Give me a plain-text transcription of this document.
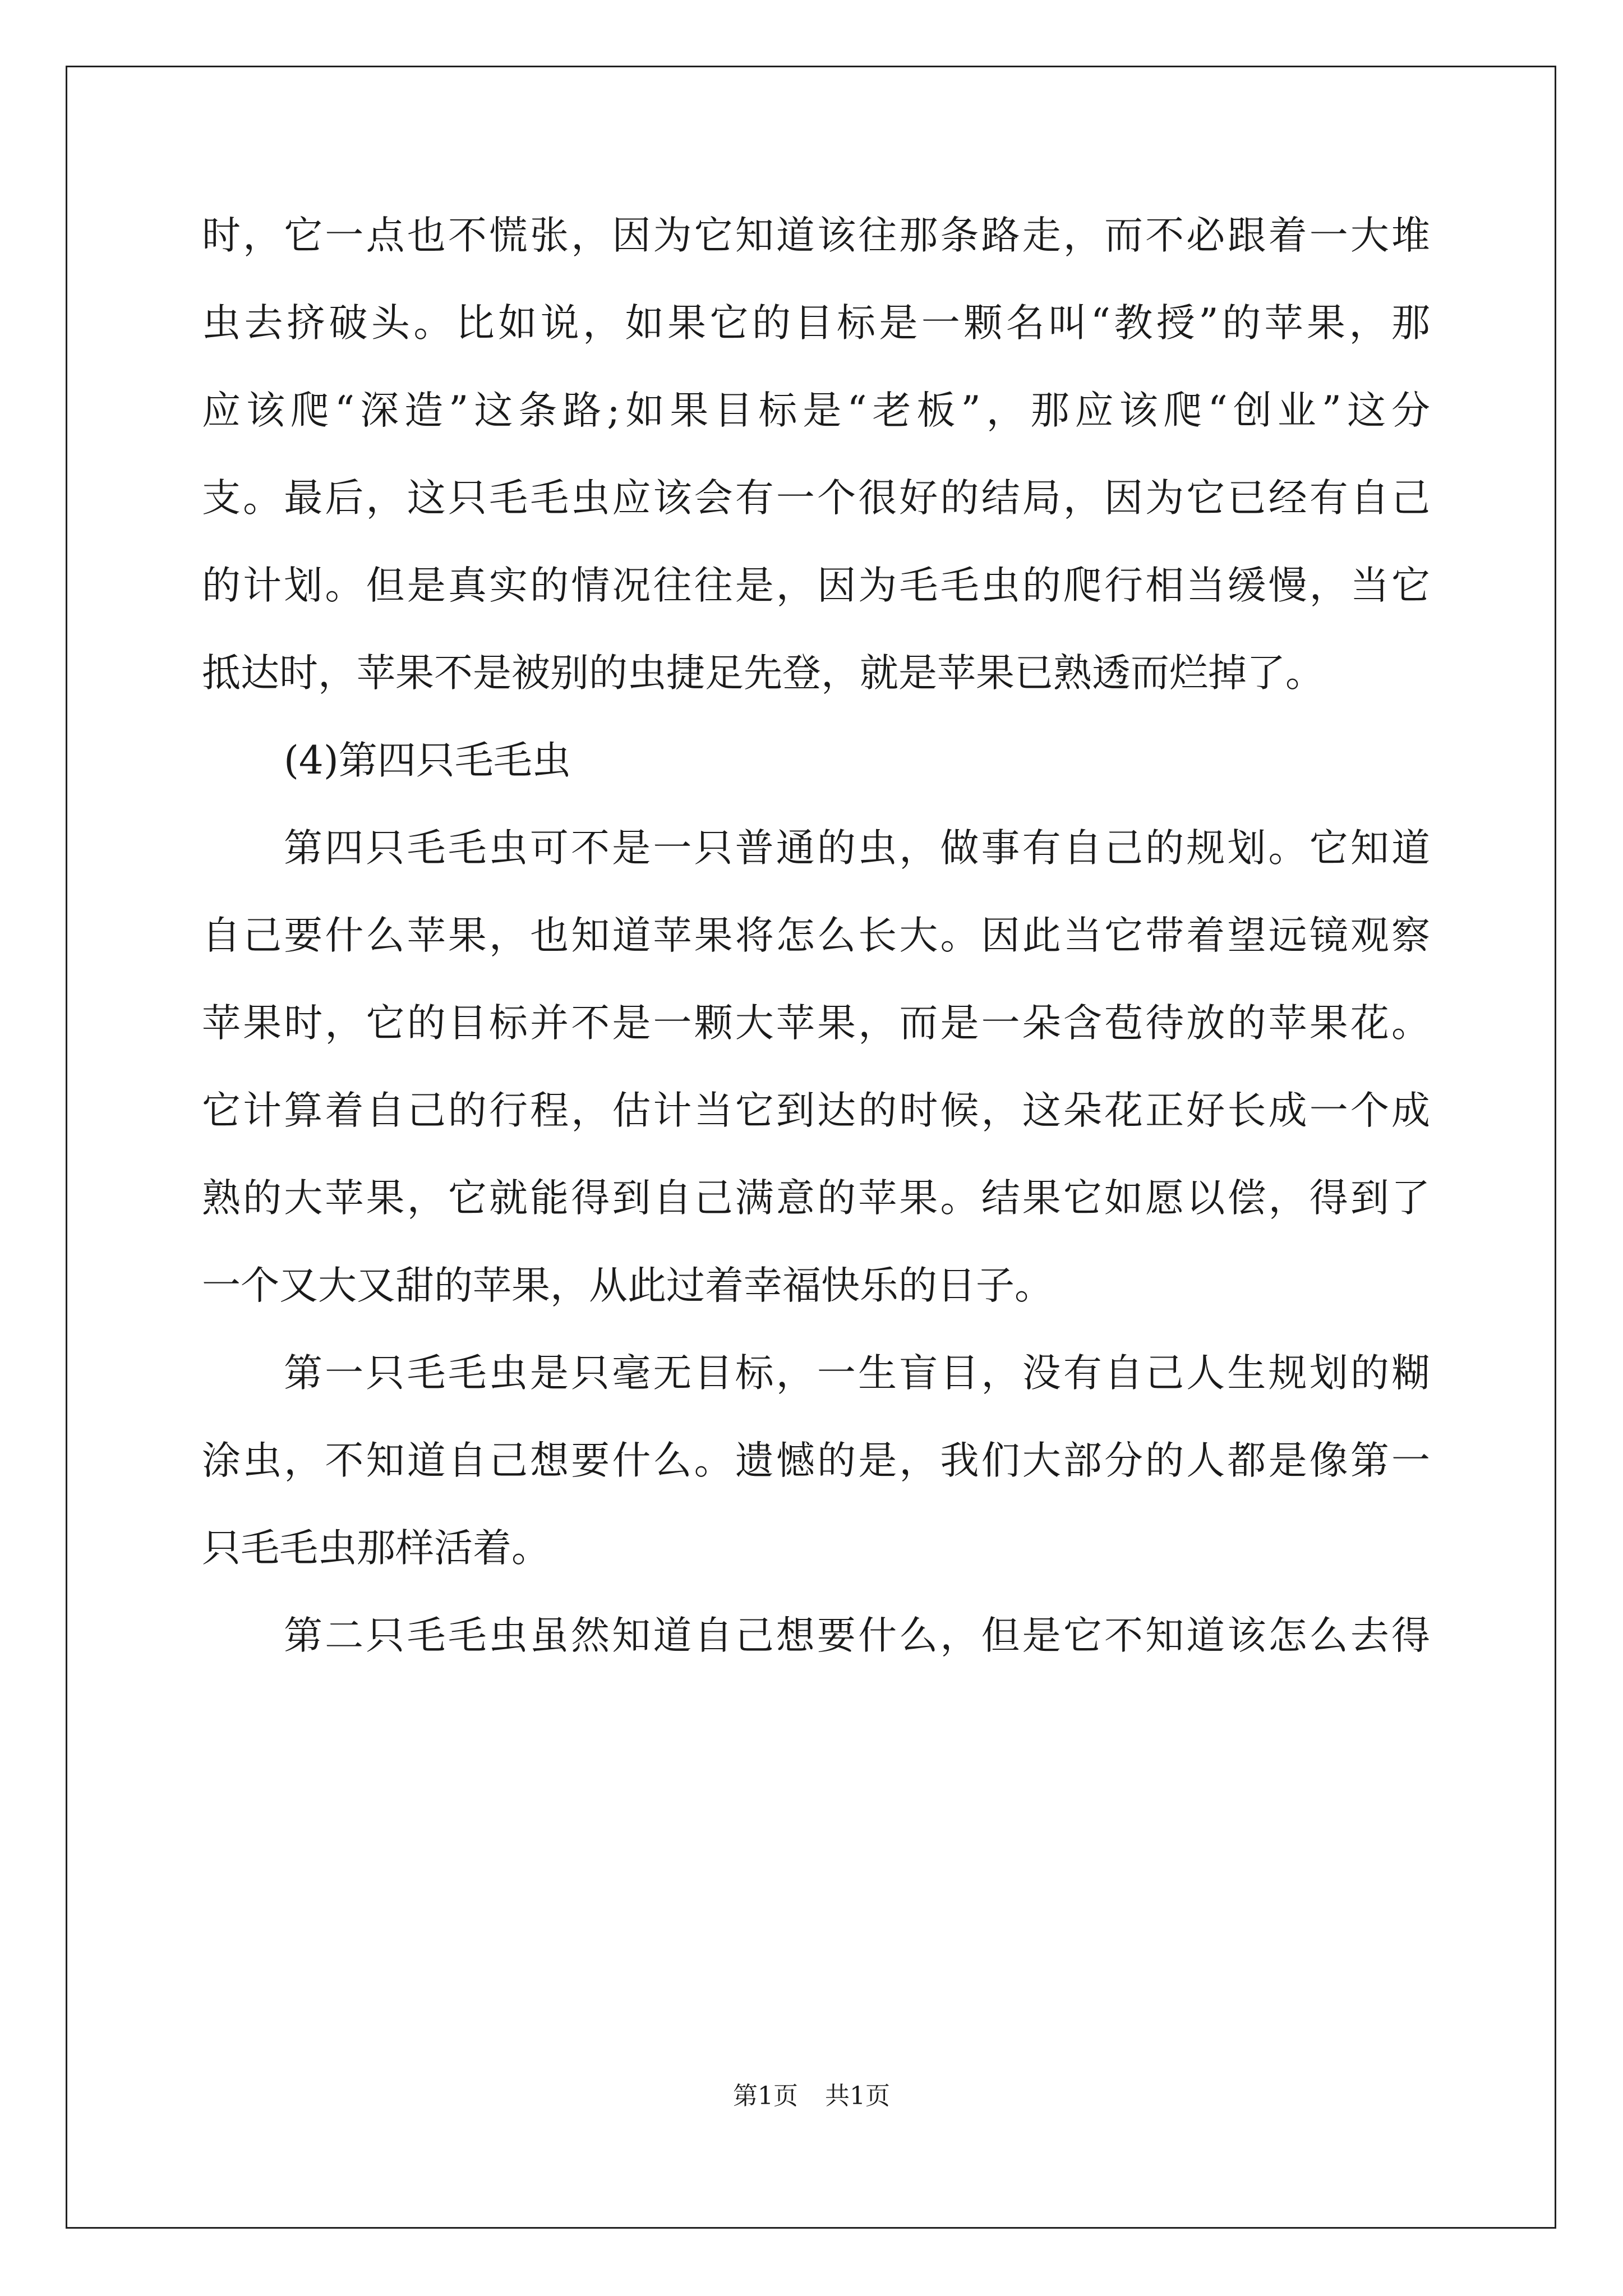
时，它一点也不慌张，因为它知道该往那条路走，而不必跟着一大堆
虫去挤破头。比如说，如果它的目标是一颗名叫“教授”的苹果，那
应该爬“深造”这条路;如果目标是“老板”，那应该爬“创业”这分
支。最后，这只毛毛虫应该会有一个很好的结局，因为它已经有自己
的计划。但是真实的情况往往是，因为毛毛虫的爬行相当缓慢，当它
抵达时，苹果不是被别的虫捷足先登，就是苹果已熟透而烂掉了。
(4)第四只毛毛虫
第四只毛毛虫可不是一只普通的虫，做事有自己的规划。它知道
自己要什么苹果，也知道苹果将怎么长大。因此当它带着望远镜观察
苹果时，它的目标并不是一颗大苹果，而是一朵含苞待放的苹果花。
它计算着自己的行程，估计当它到达的时候，这朵花正好长成一个成
熟的大苹果，它就能得到自己满意的苹果。结果它如愿以偿，得到了
一个又大又甜的苹果，从此过着幸福快乐的日子。
第一只毛毛虫是只毫无目标，一生盲目，没有自己人生规划的糊
涂虫，不知道自己想要什么。遗憾的是，我们大部分的人都是像第一
只毛毛虫那样活着。
第二只毛毛虫虽然知道自己想要什么，但是它不知道该怎么去得
第1页 共1页
